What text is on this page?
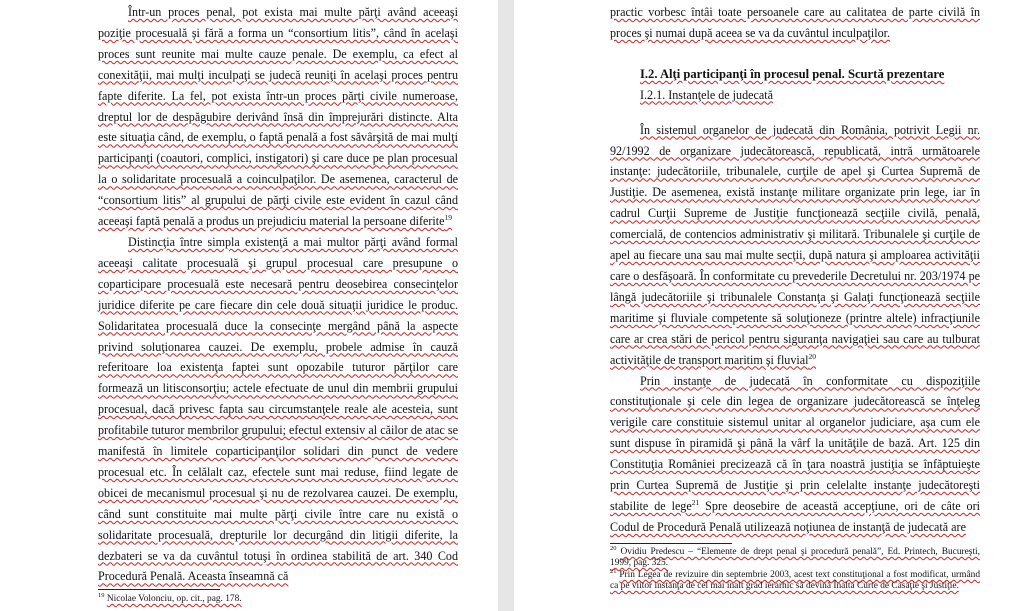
Într-un proces penal, pot exista mai multe părţi având aceeaşi poziţie procesuală şi fără a forma un “consortium litis”, când în acelaşi proces sunt reunite mai multe cauze penale. De exemplu, ca efect al conexităţii, mai mulţi inculpaţi se judecă reuniţi în acelaşi proces pentru fapte diferite. La fel, pot exista într-un proces părţi civile numeroase, dreptul lor de despăgubire derivând însă din împrejurări distincte. Alta este situaţia când, de exemplu, o faptă penală a fost săvârşită de mai mulţi participanţi (coautori, complici, instigatori) şi care duce pe plan procesual la o solidaritate procesuală a coinculpaţilor. De asemenea, caracterul de “consortium litis” al grupului de părţi civile este evident în cazul când aceeaşi faptă penală a produs un prejudiciu material la persoane diferite$^{19}$

Distincţia între simpla existenţă a mai multor părţi având formal aceeaşi calitate procesuală şi grupul procesual care presupune o coparticipare procesuală este necesară pentru deosebirea consecinţelor juridice diferite pe care fiecare din cele două situaţii juridice le produc. Solidaritatea procesuală duce la consecinţe mergând până la aspecte privind soluţionarea cauzei. De exemplu, probele admise în cauză referitoare loa existenţa faptei sunt opozabile tuturor părţilor care formează un litisconsorţiu; actele efectuate de unul din membrii grupului procesual, dacă privesc fapta sau circumstanţele reale ale acesteia, sunt profitabile tuturor membrilor grupului; efectul extensiv al căilor de atac se manifestă în limitele coparticipanţilor solidari din punct de vedere procesual etc. În celălalt caz, efectele sunt mai reduse, fiind legate de obicei de mecanismul procesual şi nu de rezolvarea cauzei. De exemplu, când sunt constituite mai multe părţi civile între care nu există o solidaritate procesuală, drepturile lor decurgând din litigii diferite, la dezbateri se va da cuvântul totuşi în ordinea stabilită de art. 340 Cod Procedură Penală. Aceasta înseamnă că

$^{19}$ Nicolae Volonciu, op. cit., pag. 178.

practic vorbesc întâi toate persoanele care au calitatea de parte civilă în proces şi numai după aceea se va da cuvântul inculpaţilor.

I.2. Alţi participanţi în procesul penal. Scurtă prezentare

I.2.1. Instanţele de judecată

În sistemul organelor de judecată din România, potrivit Legii nr. 92/1992 de organizare judecătorească, republicată, intră următoarele instanţe: judecătoriile, tribunalele, curţile de apel şi Curtea Supremă de Justiţie. De asemenea, există instanţe militare organizate prin lege, iar în cadrul Curţii Supreme de Justiţie funcţionează secţiile civilă, penală, comercială, de contencios administrativ şi militară. Tribunalele şi curţile de apel au fiecare una sau mai multe secţii, după natura şi amploarea activităţii care o desfăşoară. În conformitate cu prevederile Decretului nr. 203/1974 pe lângă judecătoriile şi tribunalele Constanţa şi Galaţi funcţionează secţiile maritime şi fluviale competente să soluţioneze (printre altele) infracţiunile care ar crea stări de pericol pentru siguranţa navigaţiei sau care au tulburat activităţile de transport maritim şi fluvial$^{20}$

Prin instanţe de judecată în conformitate cu dispoziţiile constituţionale şi cele din legea de organizare judecătorească se înţeleg verigile care constituie sistemul unitar al organelor judiciare, aşa cum ele sunt dispuse în piramidă şi până la vârf la unităţile de bază. Art. 125 din Constituţia României precizează că în ţara noastră justiţia se înfăptuieşte prin Curtea Supremă de Justiţie şi prin celelalte instanţe judecătoreşti stabilite de lege$^{21}$ Spre deosebire de această accepţiune, ori de câte ori Codul de Procedură Penală utilizează noţiunea de instanţă de judecată are

$^{20}$ Ovidiu Predescu – “Elemente de drept penal şi procedură penală”, Ed. Printech, Bucureşti, 1999, pag. 325.

$^{21}$ Prin Legea de revizuire din septembrie 2003, acest text constituţional a fost modificat, urmând ca pe viitor instanţa de cel mai înalt grad ierarhic să devină Înalta Curte de Casaţie şi Justiţie.
